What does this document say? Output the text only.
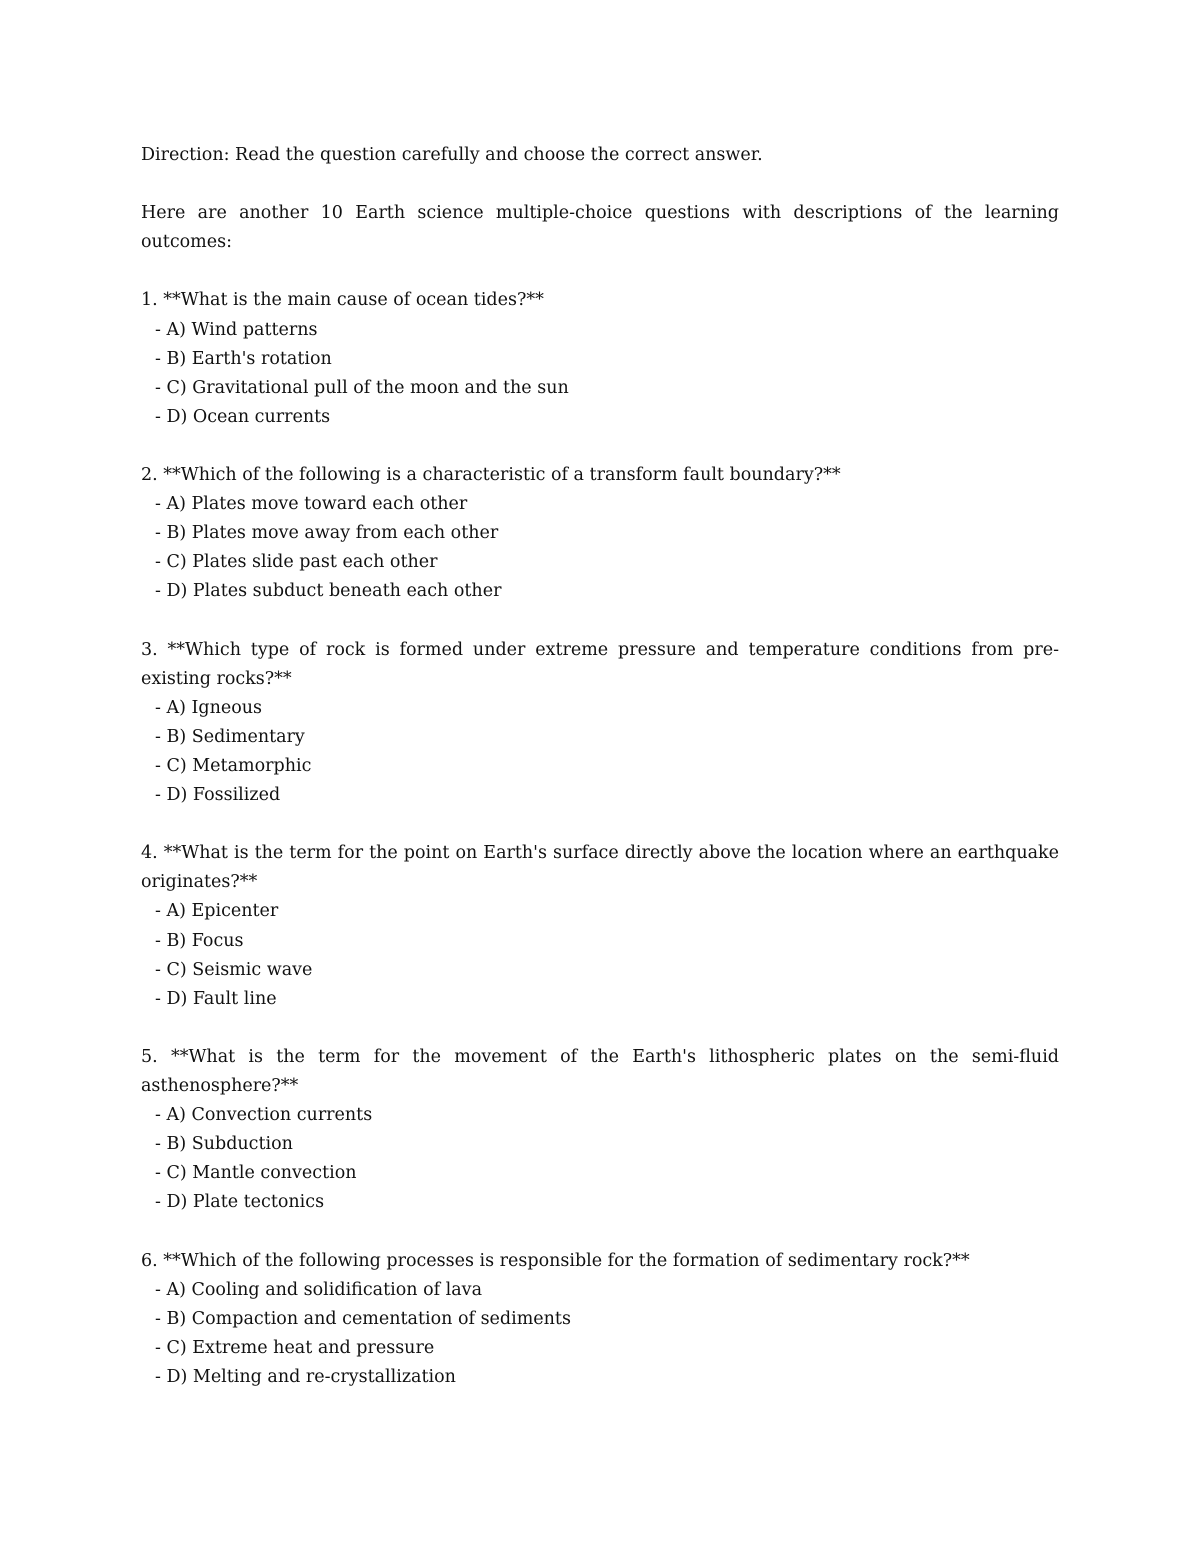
Direction: Read the question carefully and choose the correct answer.

Here are another 10 Earth science multiple-choice questions with descriptions of the learning outcomes:

1. **What is the main cause of ocean tides?**
- A) Wind patterns
- B) Earth's rotation
- C) Gravitational pull of the moon and the sun
- D) Ocean currents
2. **Which of the following is a characteristic of a transform fault boundary?**
- A) Plates move toward each other
- B) Plates move away from each other
- C) Plates slide past each other
- D) Plates subduct beneath each other
3. **Which type of rock is formed under extreme pressure and temperature conditions from pre-existing rocks?**
- A) Igneous
- B) Sedimentary
- C) Metamorphic
- D) Fossilized
4. **What is the term for the point on Earth's surface directly above the location where an earthquake originates?**
- A) Epicenter
- B) Focus
- C) Seismic wave
- D) Fault line
5. **What is the term for the movement of the Earth's lithospheric plates on the semi-fluid asthenosphere?**
- A) Convection currents
- B) Subduction
- C) Mantle convection
- D) Plate tectonics
6. **Which of the following processes is responsible for the formation of sedimentary rock?**
- A) Cooling and solidification of lava
- B) Compaction and cementation of sediments
- C) Extreme heat and pressure
- D) Melting and re-crystallization
